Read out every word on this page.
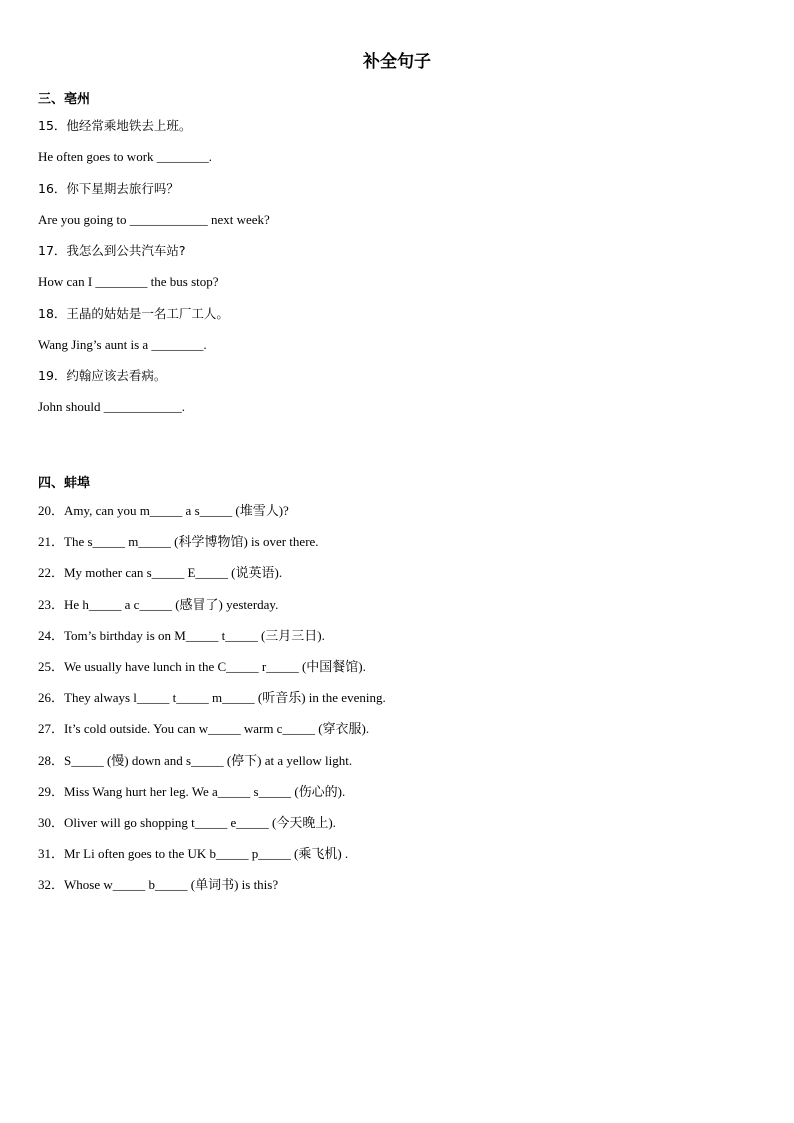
补全句子
三、亳州
15．他经常乘地铁去上班。
He often goes to work ________.
16．你下星期去旅行吗？
Are you going to ____________ next week?
17．我怎么到公共汽车站?
How can I ________ the bus stop?
18．王晶的姑姑是一名工厂工人。
Wang Jing’s aunt is a ________.
19．约翰应该去看病。
John should ____________.
四、蚌埠
20．Amy, can you m_____ a s_____ (堆雪人)?
21．The s_____ m_____ (科学博物馆) is over there.
22．My mother can s_____ E_____ (说英语).
23．He h_____ a c_____ (感冒了) yesterday.
24．Tom’s birthday is on M_____ t_____ (三月三日).
25．We usually have lunch in the C_____ r_____ (中国餐馆).
26．They always l_____ t_____ m_____ (听音乐) in the evening.
27．It’s cold outside. You can w_____ warm c_____ (穿衣服).
28．S_____ (慢) down and s_____ (停下) at a yellow light.
29．Miss Wang hurt her leg. We a_____ s_____ (伤心的).
30．Oliver will go shopping t_____ e_____ (今天晚上).
31．Mr Li often goes to the UK b_____ p_____ (乘飞机) .
32．Whose w_____ b_____ (单词书) is this?
